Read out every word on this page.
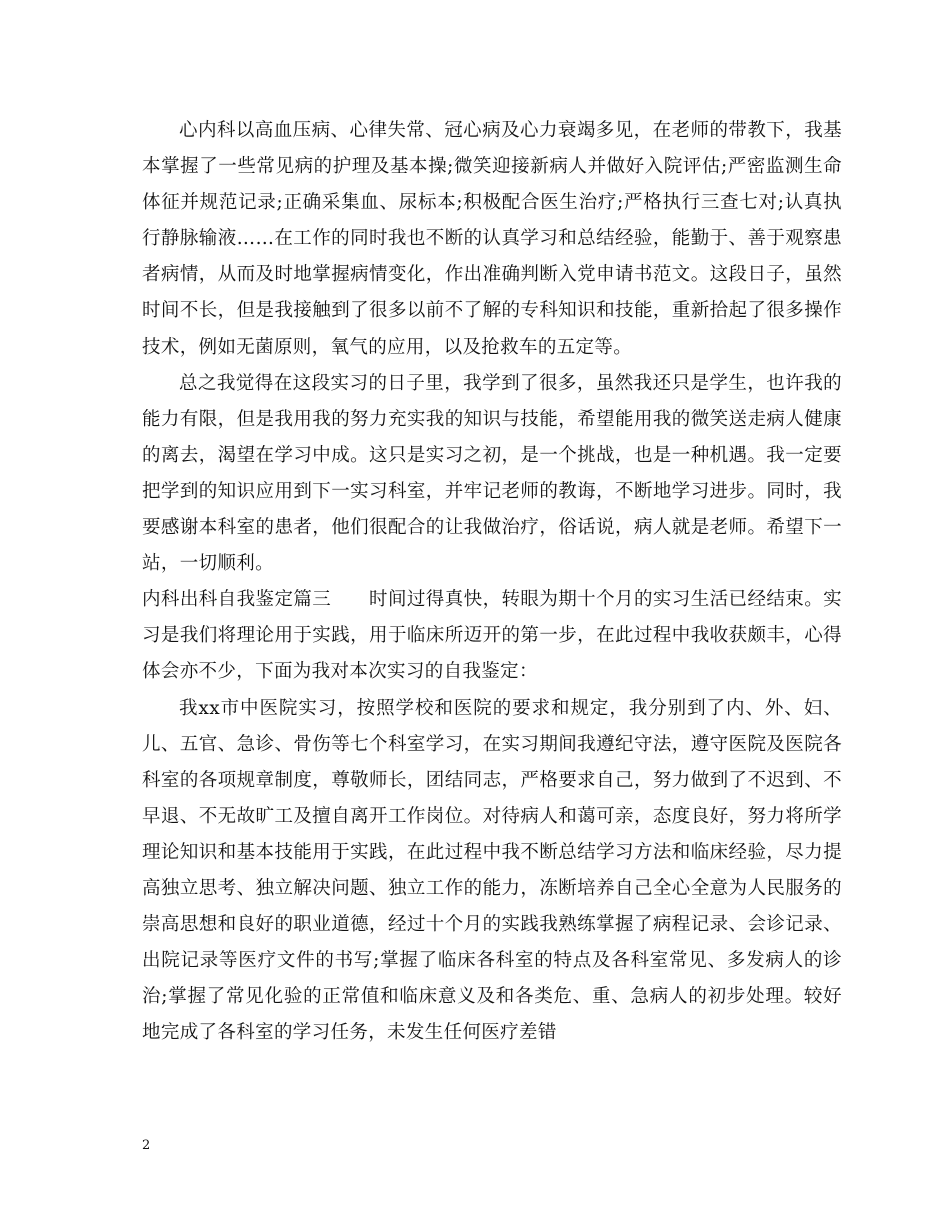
心内科以高血压病、心律失常、冠心病及心力衰竭多见，在老师的带教下，我基本掌握了一些常见病的护理及基本操;微笑迎接新病人并做好入院评估;严密监测生命体征并规范记录;正确采集血、尿标本;积极配合医生治疗;严格执行三查七对;认真执行静脉输液……在工作的同时我也不断的认真学习和总结经验，能勤于、善于观察患者病情，从而及时地掌握病情变化，作出准确判断入党申请书范文。这段日子，虽然时间不长，但是我接触到了很多以前不了解的专科知识和技能，重新拾起了很多操作技术，例如无菌原则，氧气的应用，以及抢救车的五定等。

总之我觉得在这段实习的日子里，我学到了很多，虽然我还只是学生，也许我的能力有限，但是我用我的努力充实我的知识与技能，希望能用我的微笑送走病人健康的离去，渴望在学习中成。这只是实习之初，是一个挑战，也是一种机遇。我一定要把学到的知识应用到下一实习科室，并牢记老师的教诲，不断地学习进步。同时，我要感谢本科室的患者，他们很配合的让我做治疗，俗话说，病人就是老师。希望下一站，一切顺利。

内科出科自我鉴定篇三　　时间过得真快，转眼为期十个月的实习生活已经结束。实习是我们将理论用于实践，用于临床所迈开的第一步，在此过程中我收获颇丰，心得体会亦不少，下面为我对本次实习的自我鉴定：

我xx市中医院实习，按照学校和医院的要求和规定，我分别到了内、外、妇、儿、五官、急诊、骨伤等七个科室学习，在实习期间我遵纪守法，遵守医院及医院各科室的各项规章制度，尊敬师长，团结同志，严格要求自己，努力做到了不迟到、不早退、不无故旷工及擅自离开工作岗位。对待病人和蔼可亲，态度良好，努力将所学理论知识和基本技能用于实践，在此过程中我不断总结学习方法和临床经验，尽力提高独立思考、独立解决问题、独立工作的能力，冻断培养自己全心全意为人民服务的崇高思想和良好的职业道德，经过十个月的实践我熟练掌握了病程记录、会诊记录、出院记录等医疗文件的书写;掌握了临床各科室的特点及各科室常见、多发病人的诊治;掌握了常见化验的正常值和临床意义及和各类危、重、急病人的初步处理。较好地完成了各科室的学习任务，未发生任何医疗差错

2
